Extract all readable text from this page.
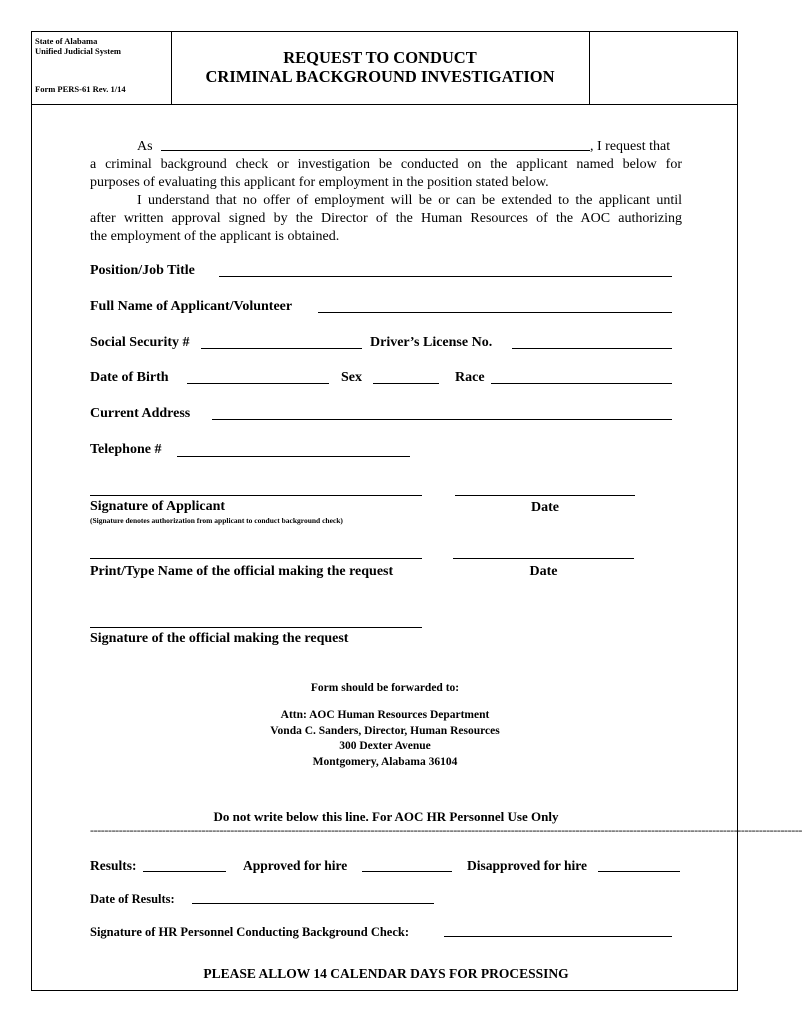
State of Alabama
Unified Judicial System
Form PERS-61 Rev. 1/14
REQUEST TO CONDUCT
CRIMINAL BACKGROUND INVESTIGATION
As	, I request that
a criminal background check or investigation be conducted on the applicant named below for
purposes of evaluating this applicant for employment in the position stated below.
I understand that no offer of employment will be or can be extended to the applicant until
after written approval signed by the Director of the Human Resources of the AOC authorizing
the employment of the applicant is obtained.
Position/Job Title
Full Name of Applicant/Volunteer
Social Security #	Driver’s License No.
Date of Birth	Sex	Race
Current Address
Telephone #
Signature of Applicant
(Signature denotes authorization from applicant to conduct background check)
Date
Print/Type Name of the official making the request	Date
Signature of the official making the request
Form should be forwarded to:
Attn: AOC Human Resources Department
Vonda C. Sanders, Director, Human Resources
300 Dexter Avenue
Montgomery, Alabama 36104
Do not write below this line. For AOC HR Personnel Use Only
------------------------------------------------------------------------------------------------------------------------------------------------------------------------------------------------------
Results:	Approved for hire	Disapproved for hire
Date of Results:
Signature of HR Personnel Conducting Background Check:
PLEASE ALLOW 14 CALENDAR DAYS FOR PROCESSING
